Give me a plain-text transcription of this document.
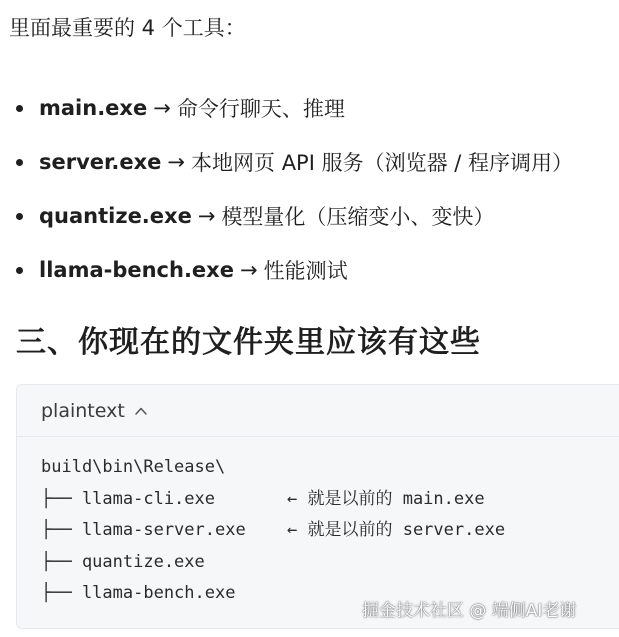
里面最重要的 4 个工具：
main.exe → 命令行聊天、推理
server.exe → 本地网页 API 服务（浏览器 / 程序调用）
quantize.exe → 模型量化（压缩变小、变快）
llama-bench.exe → 性能测试
三、你现在的文件夹里应该有这些
plaintext
build\bin\Release\
├── llama-cli.exe	← 就是以前的 main.exe
├── llama-server.exe	← 就是以前的 server.exe
├── quantize.exe
├── llama-bench.exe
掘金技术社区 @ 端侧AI老谢
